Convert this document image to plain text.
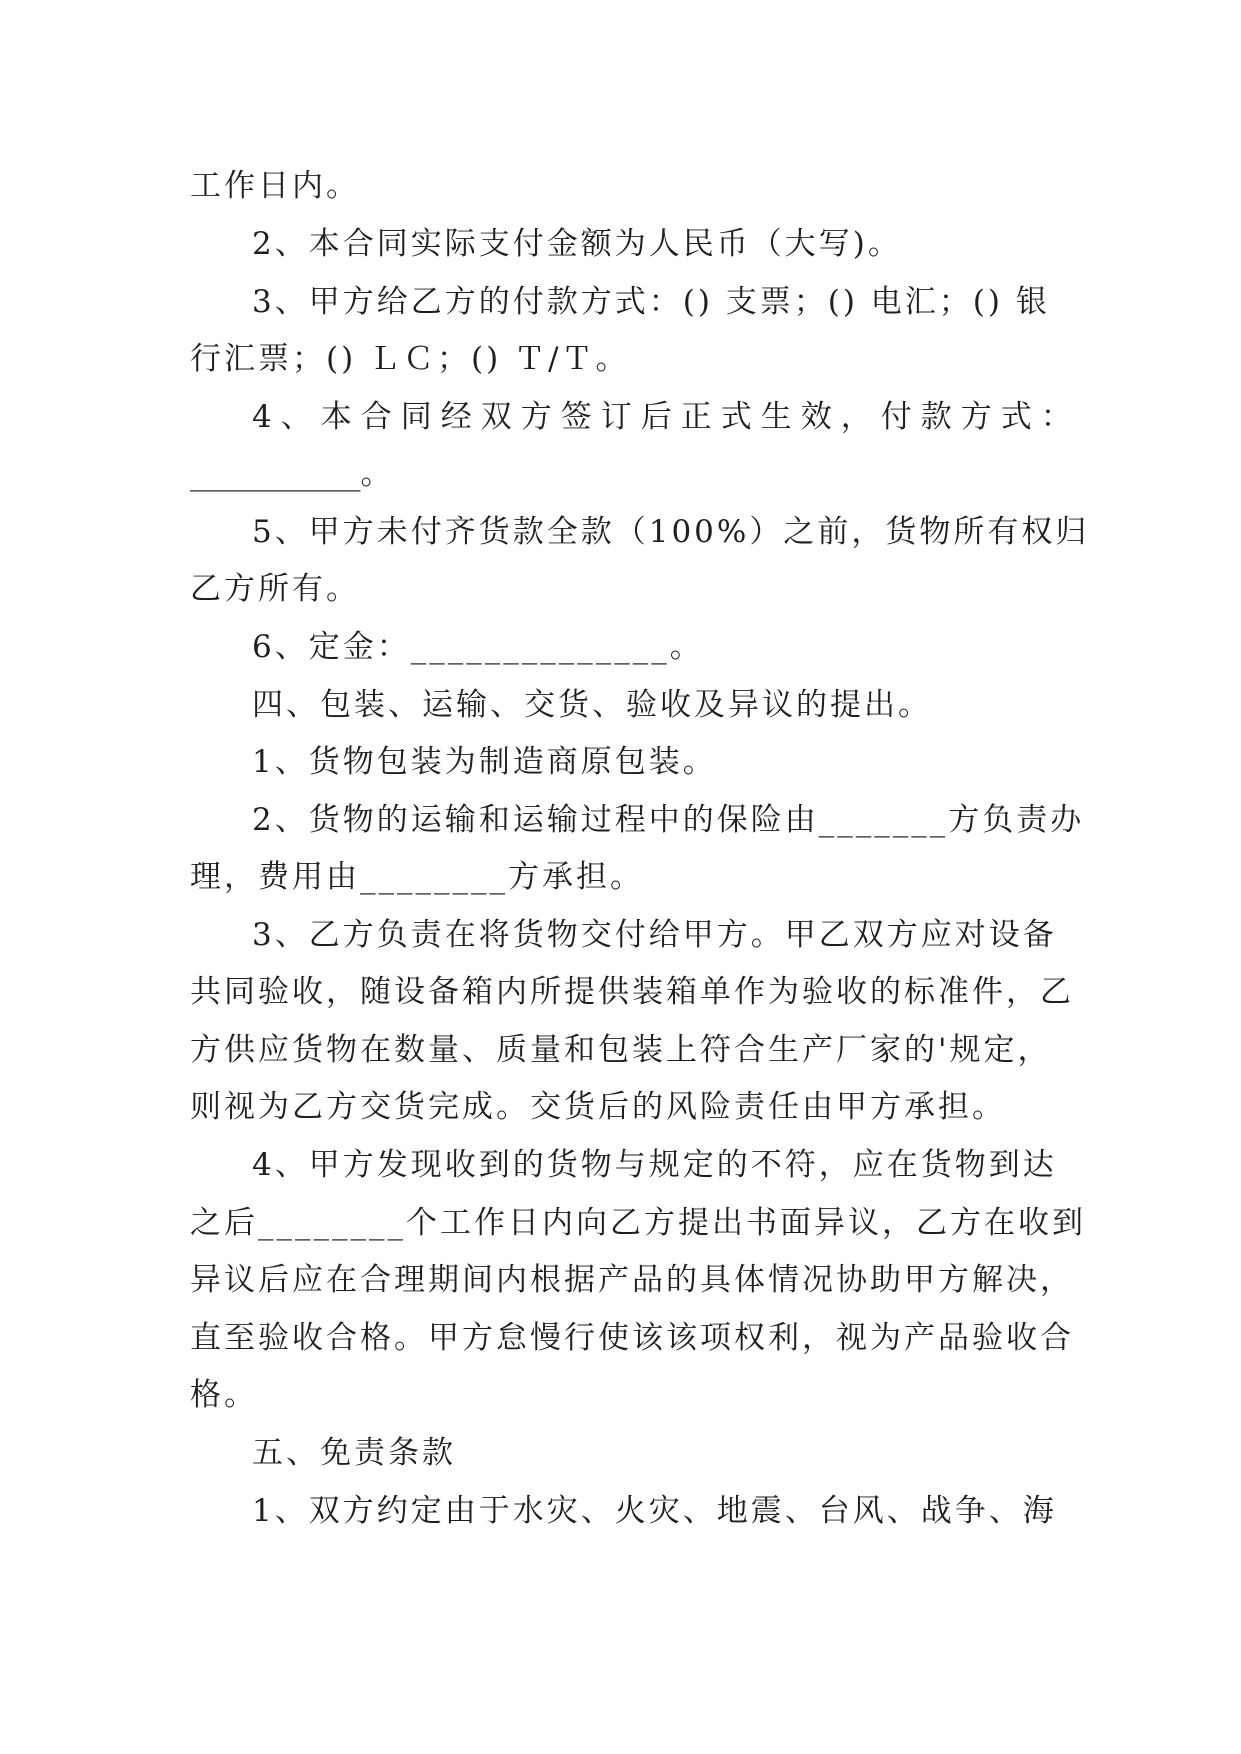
工作日内。
2、本合同实际支付金额为人民币（大写)。
3、甲方给乙方的付款方式：() 支票；() 电汇；() 银
行汇票；() ＬＣ；() Ｔ/Ｔ。
4、本合同经双方签订后正式生效，付款方式：
___________。
5、甲方未付齐货款全款（100%）之前，货物所有权归
乙方所有。
6、定金：______________。
四、包装、运输、交货、验收及异议的提出。
1、货物包装为制造商原包装。
2、货物的运输和运输过程中的保险由_______方负责办
理，费用由________方承担。
3、乙方负责在将货物交付给甲方。甲乙双方应对设备
共同验收，随设备箱内所提供装箱单作为验收的标准件，乙
方供应货物在数量、质量和包装上符合生产厂家的'规定，
则视为乙方交货完成。交货后的风险责任由甲方承担。
4、甲方发现收到的货物与规定的不符，应在货物到达
之后________个工作日内向乙方提出书面异议，乙方在收到
异议后应在合理期间内根据产品的具体情况协助甲方解决，
直至验收合格。甲方怠慢行使该该项权利，视为产品验收合
格。
五、免责条款
1、双方约定由于水灾、火灾、地震、台风、战争、海
